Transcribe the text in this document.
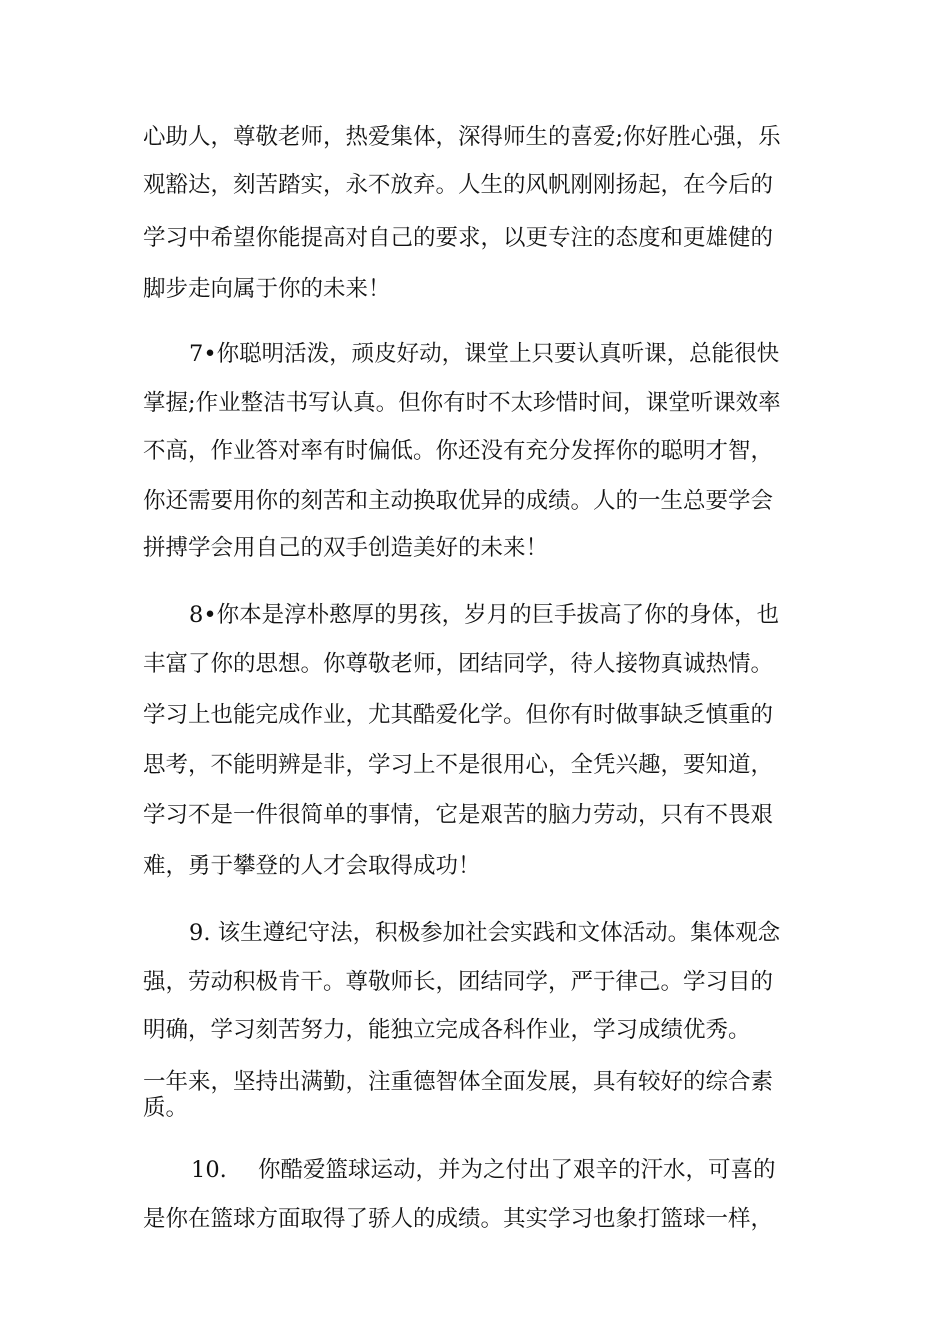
心助人，尊敬老师，热爱集体，深得师生的喜爱;你好胜心强，乐

观豁达，刻苦踏实，永不放弃。人生的风帆刚刚扬起，在今后的

学习中希望你能提高对自己的要求，以更专注的态度和更雄健的

脚步走向属于你的未来！

7•你聪明活泼，顽皮好动，课堂上只要认真听课，总能很快

掌握;作业整洁书写认真。但你有时不太珍惜时间，课堂听课效率

不高，作业答对率有时偏低。你还没有充分发挥你的聪明才智，

你还需要用你的刻苦和主动换取优异的成绩。人的一生总要学会

拼搏学会用自己的双手创造美好的未来！

8•你本是淳朴憨厚的男孩，岁月的巨手拔高了你的身体，也

丰富了你的思想。你尊敬老师，团结同学，待人接物真诚热情。

学习上也能完成作业，尤其酷爱化学。但你有时做事缺乏慎重的

思考，不能明辨是非，学习上不是很用心，全凭兴趣，要知道，

学习不是一件很简单的事情，它是艰苦的脑力劳动，只有不畏艰

难，勇于攀登的人才会取得成功！

9. 该生遵纪守法，积极参加社会实践和文体活动。集体观念

强，劳动积极肯干。尊敬师长，团结同学，严于律己。学习目的

明确，学习刻苦努力，能独立完成各科作业，学习成绩优秀。

一年来，坚持出满勤，注重德智体全面发展，具有较好的综合素

质。

10. 你酷爱篮球运动，并为之付出了艰辛的汗水，可喜的

是你在篮球方面取得了骄人的成绩。其实学习也象打篮球一样，
